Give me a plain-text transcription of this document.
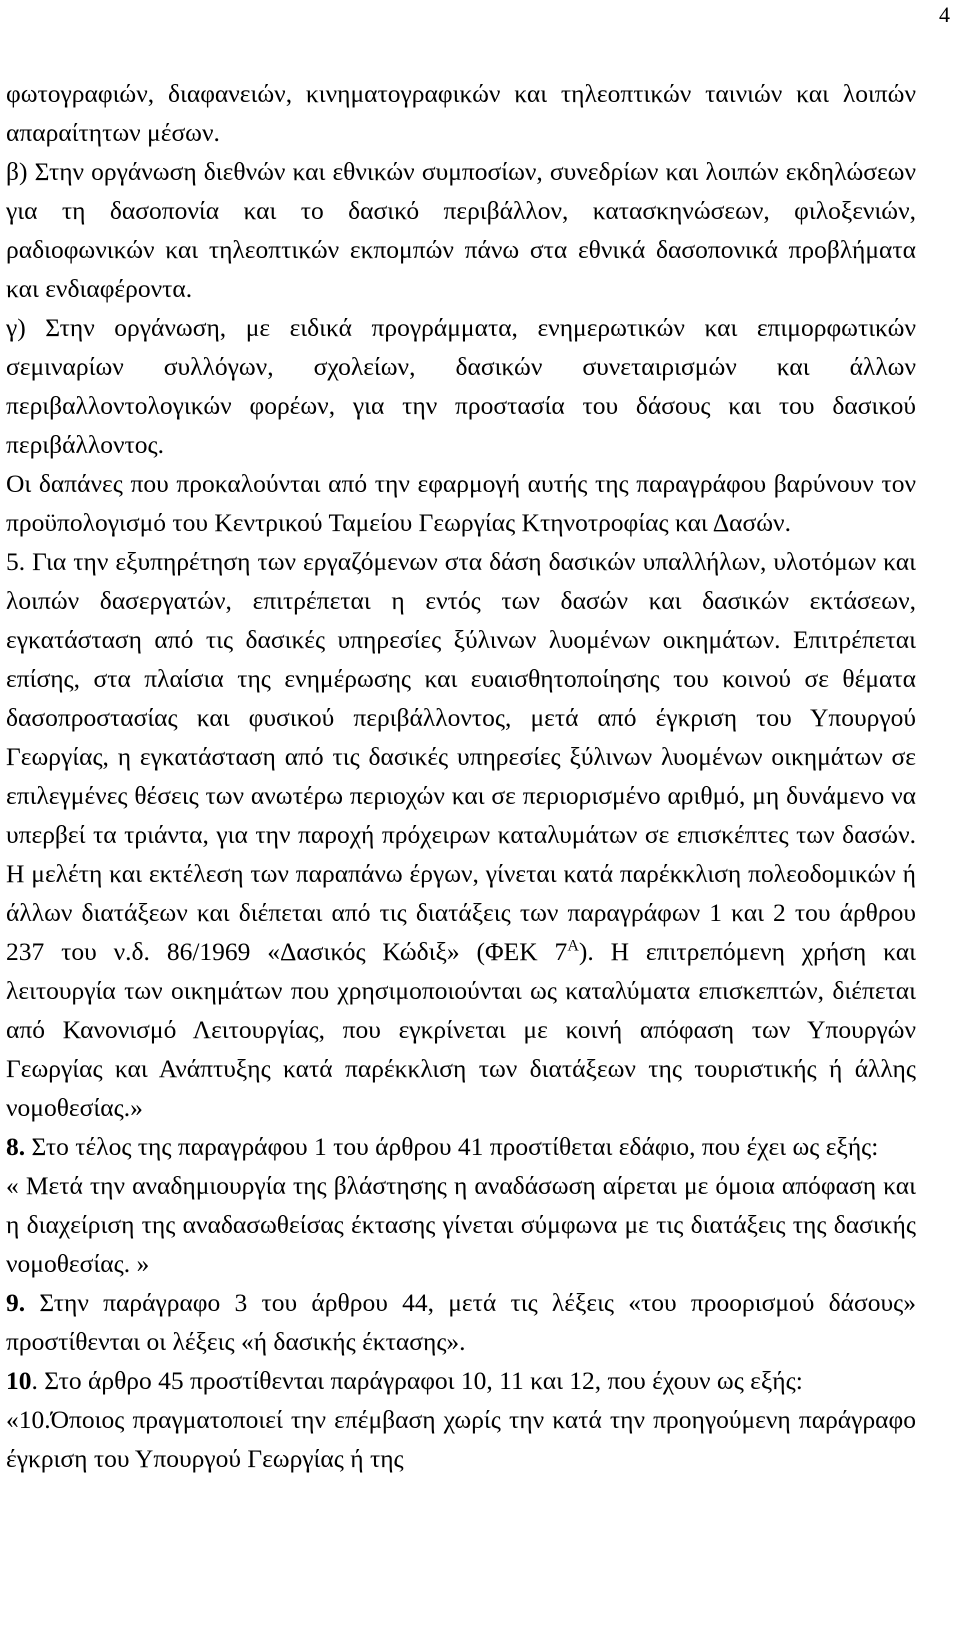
4

φωτογραφιών, διαφανειών, κινηματογραφικών και τηλεοπτικών ταινιών και λοιπών απαραίτητων μέσων.

β) Στην οργάνωση διεθνών και εθνικών συμποσίων, συνεδρίων και λοιπών εκδηλώσεων για τη δασοπονία και το δασικό περιβάλλον, κατασκηνώσεων, φιλοξενιών, ραδιοφωνικών και τηλεοπτικών εκπομπών πάνω στα εθνικά δασοπονικά προβλήματα και ενδιαφέροντα.

γ) Στην οργάνωση, με ειδικά προγράμματα, ενημερωτικών και επιμορφωτικών σεμιναρίων συλλόγων, σχολείων, δασικών συνεταιρισμών και άλλων περιβαλλοντολογικών φορέων, για την προστασία του δάσους και του δασικού περιβάλλοντος.

Οι δαπάνες που προκαλούνται από την εφαρμογή αυτής της παραγράφου βαρύνουν τον προϋπολογισμό του Κεντρικού Ταμείου Γεωργίας Κτηνοτροφίας και Δασών.

5. Για την εξυπηρέτηση των εργαζόμενων στα δάση δασικών υπαλλήλων, υλοτόμων και λοιπών δασεργατών, επιτρέπεται η εντός των δασών και δασικών εκτάσεων, εγκατάσταση από τις δασικές υπηρεσίες ξύλινων λυομένων οικημάτων. Επιτρέπεται επίσης, στα πλαίσια της ενημέρωσης και ευαισθητοποίησης του κοινού σε θέματα δασοπροστασίας και φυσικού περιβάλλοντος, μετά από έγκριση του Υπουργού Γεωργίας, η εγκατάσταση από τις δασικές υπηρεσίες ξύλινων λυομένων οικημάτων σε επιλεγμένες θέσεις των ανωτέρω περιοχών και σε περιορισμένο αριθμό, μη δυνάμενο να υπερβεί τα τριάντα, για την παροχή πρόχειρων καταλυμάτων σε επισκέπτες των δασών. Η μελέτη και εκτέλεση των παραπάνω έργων, γίνεται κατά παρέκκλιση πολεοδομικών ή άλλων διατάξεων και διέπεται από τις διατάξεις των παραγράφων 1 και 2 του άρθρου 237 του ν.δ. 86/1969 «Δασικός Κώδιξ» (ΦΕΚ $7^A$). Η επιτρεπόμενη χρήση και λειτουργία των οικημάτων που χρησιμοποιούνται ως καταλύματα επισκεπτών, διέπεται από Κανονισμό Λειτουργίας, που εγκρίνεται με κοινή απόφαση των Υπουργών Γεωργίας και Ανάπτυξης κατά παρέκκλιση των διατάξεων της τουριστικής ή άλλης νομοθεσίας.»

8. Στο τέλος της παραγράφου 1 του άρθρου 41 προστίθεται εδάφιο, που έχει ως εξής:

« Μετά την αναδημιουργία της βλάστησης η αναδάσωση αίρεται με όμοια απόφαση και η διαχείριση της αναδασωθείσας έκτασης γίνεται σύμφωνα με τις διατάξεις της δασικής νομοθεσίας. »

9. Στην παράγραφο 3 του άρθρου 44, μετά τις λέξεις «του προορισμού δάσους» προστίθενται οι λέξεις «ή δασικής έκτασης».

10. Στο άρθρο 45 προστίθενται παράγραφοι 10, 11 και 12, που έχουν ως εξής:

«10.Όποιος πραγματοποιεί την επέμβαση χωρίς την κατά την προηγούμενη παράγραφο έγκριση του Υπουργού Γεωργίας ή της
